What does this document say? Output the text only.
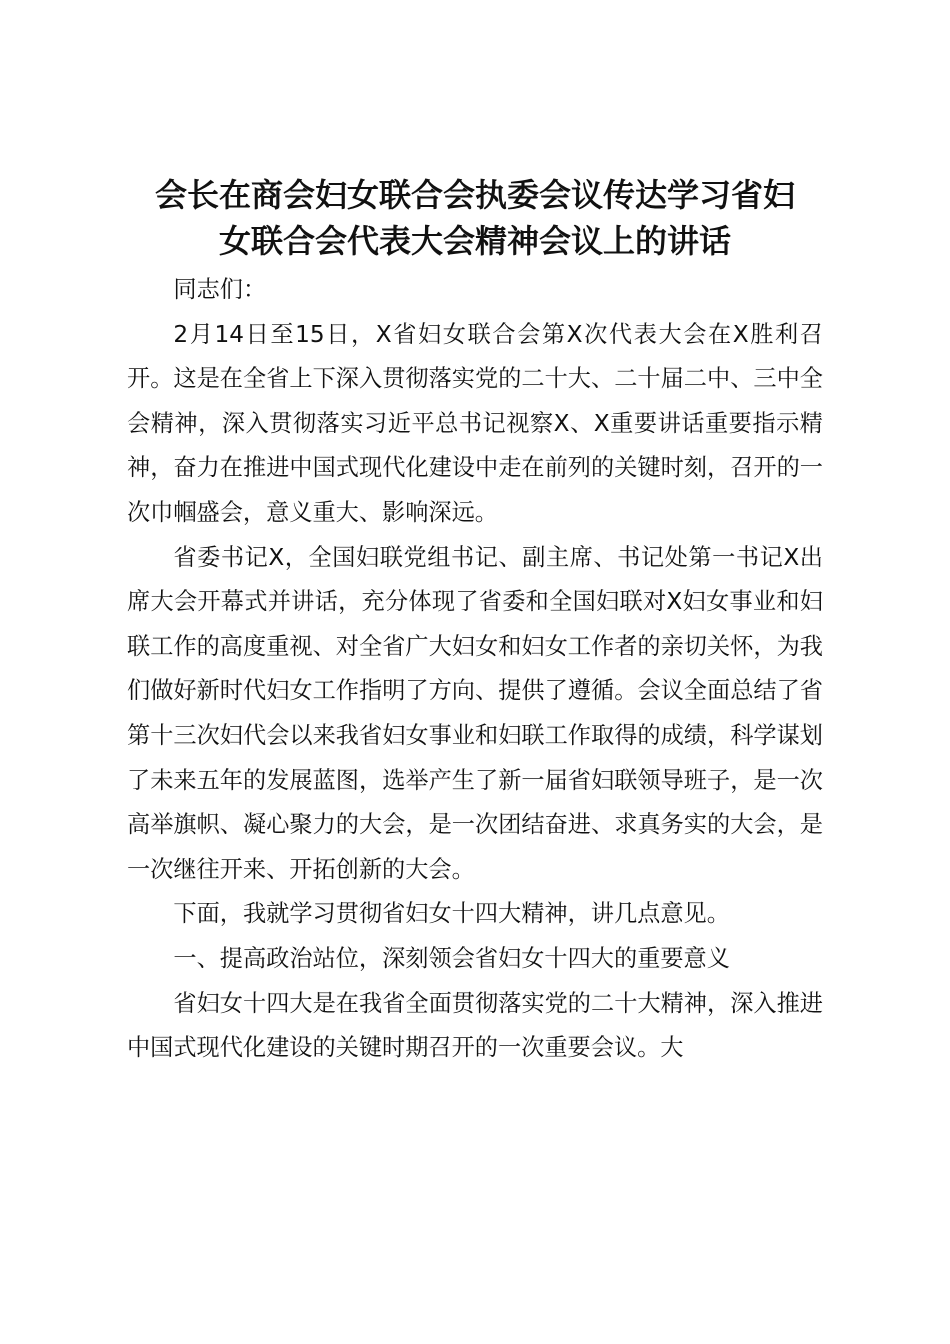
会长在商会妇女联合会执委会议传达学习省妇
女联合会代表大会精神会议上的讲话

同志们：

2月14日至15日，X省妇女联合会第X次代表大会在X胜利召开。这是在全省上下深入贯彻落实党的二十大、二十届二中、三中全会精神，深入贯彻落实习近平总书记视察X、X重要讲话重要指示精神，奋力在推进中国式现代化建设中走在前列的关键时刻，召开的一次巾帼盛会，意义重大、影响深远。

省委书记X，全国妇联党组书记、副主席、书记处第一书记X出席大会开幕式并讲话，充分体现了省委和全国妇联对X妇女事业和妇联工作的高度重视、对全省广大妇女和妇女工作者的亲切关怀，为我们做好新时代妇女工作指明了方向、提供了遵循。会议全面总结了省第十三次妇代会以来我省妇女事业和妇联工作取得的成绩，科学谋划了未来五年的发展蓝图，选举产生了新一届省妇联领导班子，是一次高举旗帜、凝心聚力的大会，是一次团结奋进、求真务实的大会，是一次继往开来、开拓创新的大会。

下面，我就学习贯彻省妇女十四大精神，讲几点意见。

一、提高政治站位，深刻领会省妇女十四大的重要意义

省妇女十四大是在我省全面贯彻落实党的二十大精神，深入推进中国式现代化建设的关键时期召开的一次重要会议。大
